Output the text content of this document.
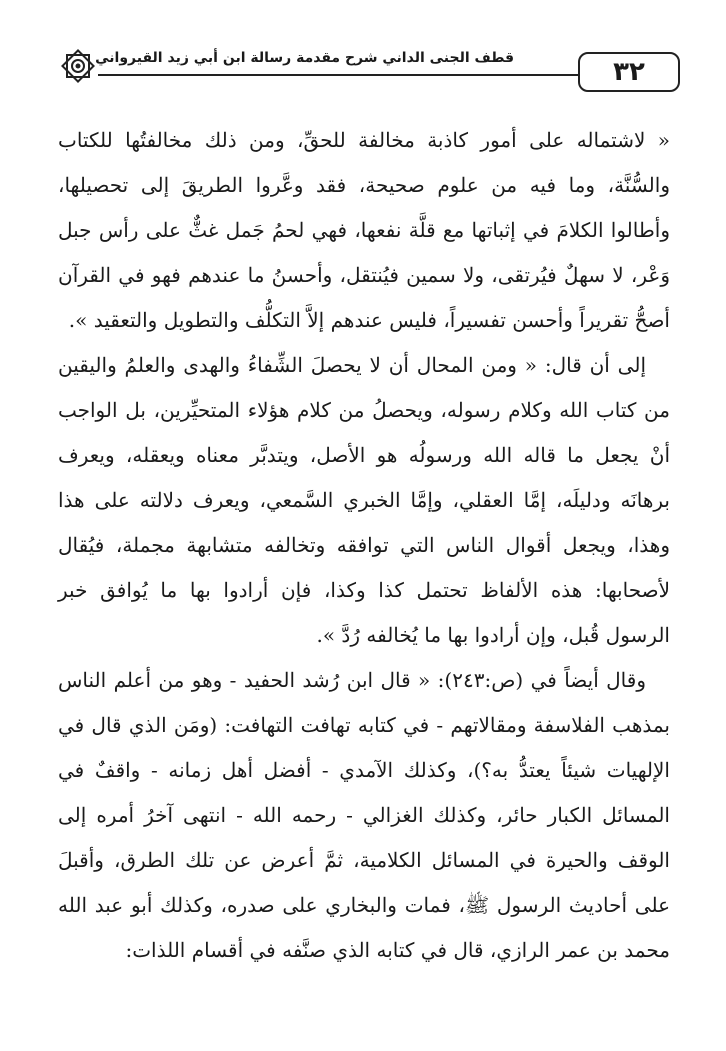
قطف الجنى الداني شرح مقدمة رسالة ابن أبي زيد القيرواني	٣٢

« لاشتماله على أمور كاذبة مخالفة للحقِّ، ومن ذلك مخالفتُها للكتاب والسُّنَّة، وما فيه من علوم صحيحة، فقد وعَّروا الطريقَ إلى تحصيلها، وأطالوا الكلامَ في إثباتها مع قلَّة نفعها، فهي لحمُ جَمل غثٌّ على رأس جبل وَعْر، لا سهلٌ فيُرتقى، ولا سمين فيُنتقل، وأحسنُ ما عندهم فهو في القرآن أصحُّ تقريراً وأحسن تفسيراً، فليس عندهم إلاَّ التكلُّف والتطويل والتعقيد ».

إلى أن قال: « ومن المحال أن لا يحصلَ الشِّفاءُ والهدى والعلمُ واليقين من كتاب الله وكلام رسوله، ويحصلُ من كلام هؤلاء المتحيِّرين، بل الواجب أنْ يجعل ما قاله الله ورسولُه هو الأصل، ويتدبَّر معناه ويعقله، ويعرف برهانَه ودليلَه، إمَّا العقلي، وإمَّا الخبري السَّمعي، ويعرف دلالته على هذا وهذا، ويجعل أقوال الناس التي توافقه وتخالفه متشابهة مجملة، فيُقال لأصحابها: هذه الألفاظ تحتمل كذا وكذا، فإن أرادوا بها ما يُوافق خبر الرسول قُبل، وإن أرادوا بها ما يُخالفه رُدَّ ».

وقال أيضاً في (ص:٢٤٣): « قال ابن رُشد الحفيد - وهو من أعلم الناس بمذهب الفلاسفة ومقالاتهم - في كتابه تهافت التهافت: (ومَن الذي قال في الإلهيات شيئاً يعتدُّ به؟)، وكذلك الآمدي - أفضل أهل زمانه - واقفٌ في المسائل الكبار حائر، وكذلك الغزالي - رحمه الله - انتهى آخرُ أمره إلى الوقف والحيرة في المسائل الكلامية، ثمَّ أعرض عن تلك الطرق، وأقبلَ على أحاديث الرسول ﷺ، فمات والبخاري على صدره، وكذلك أبو عبد الله محمد بن عمر الرازي، قال في كتابه الذي صنَّفه في أقسام اللذات:
